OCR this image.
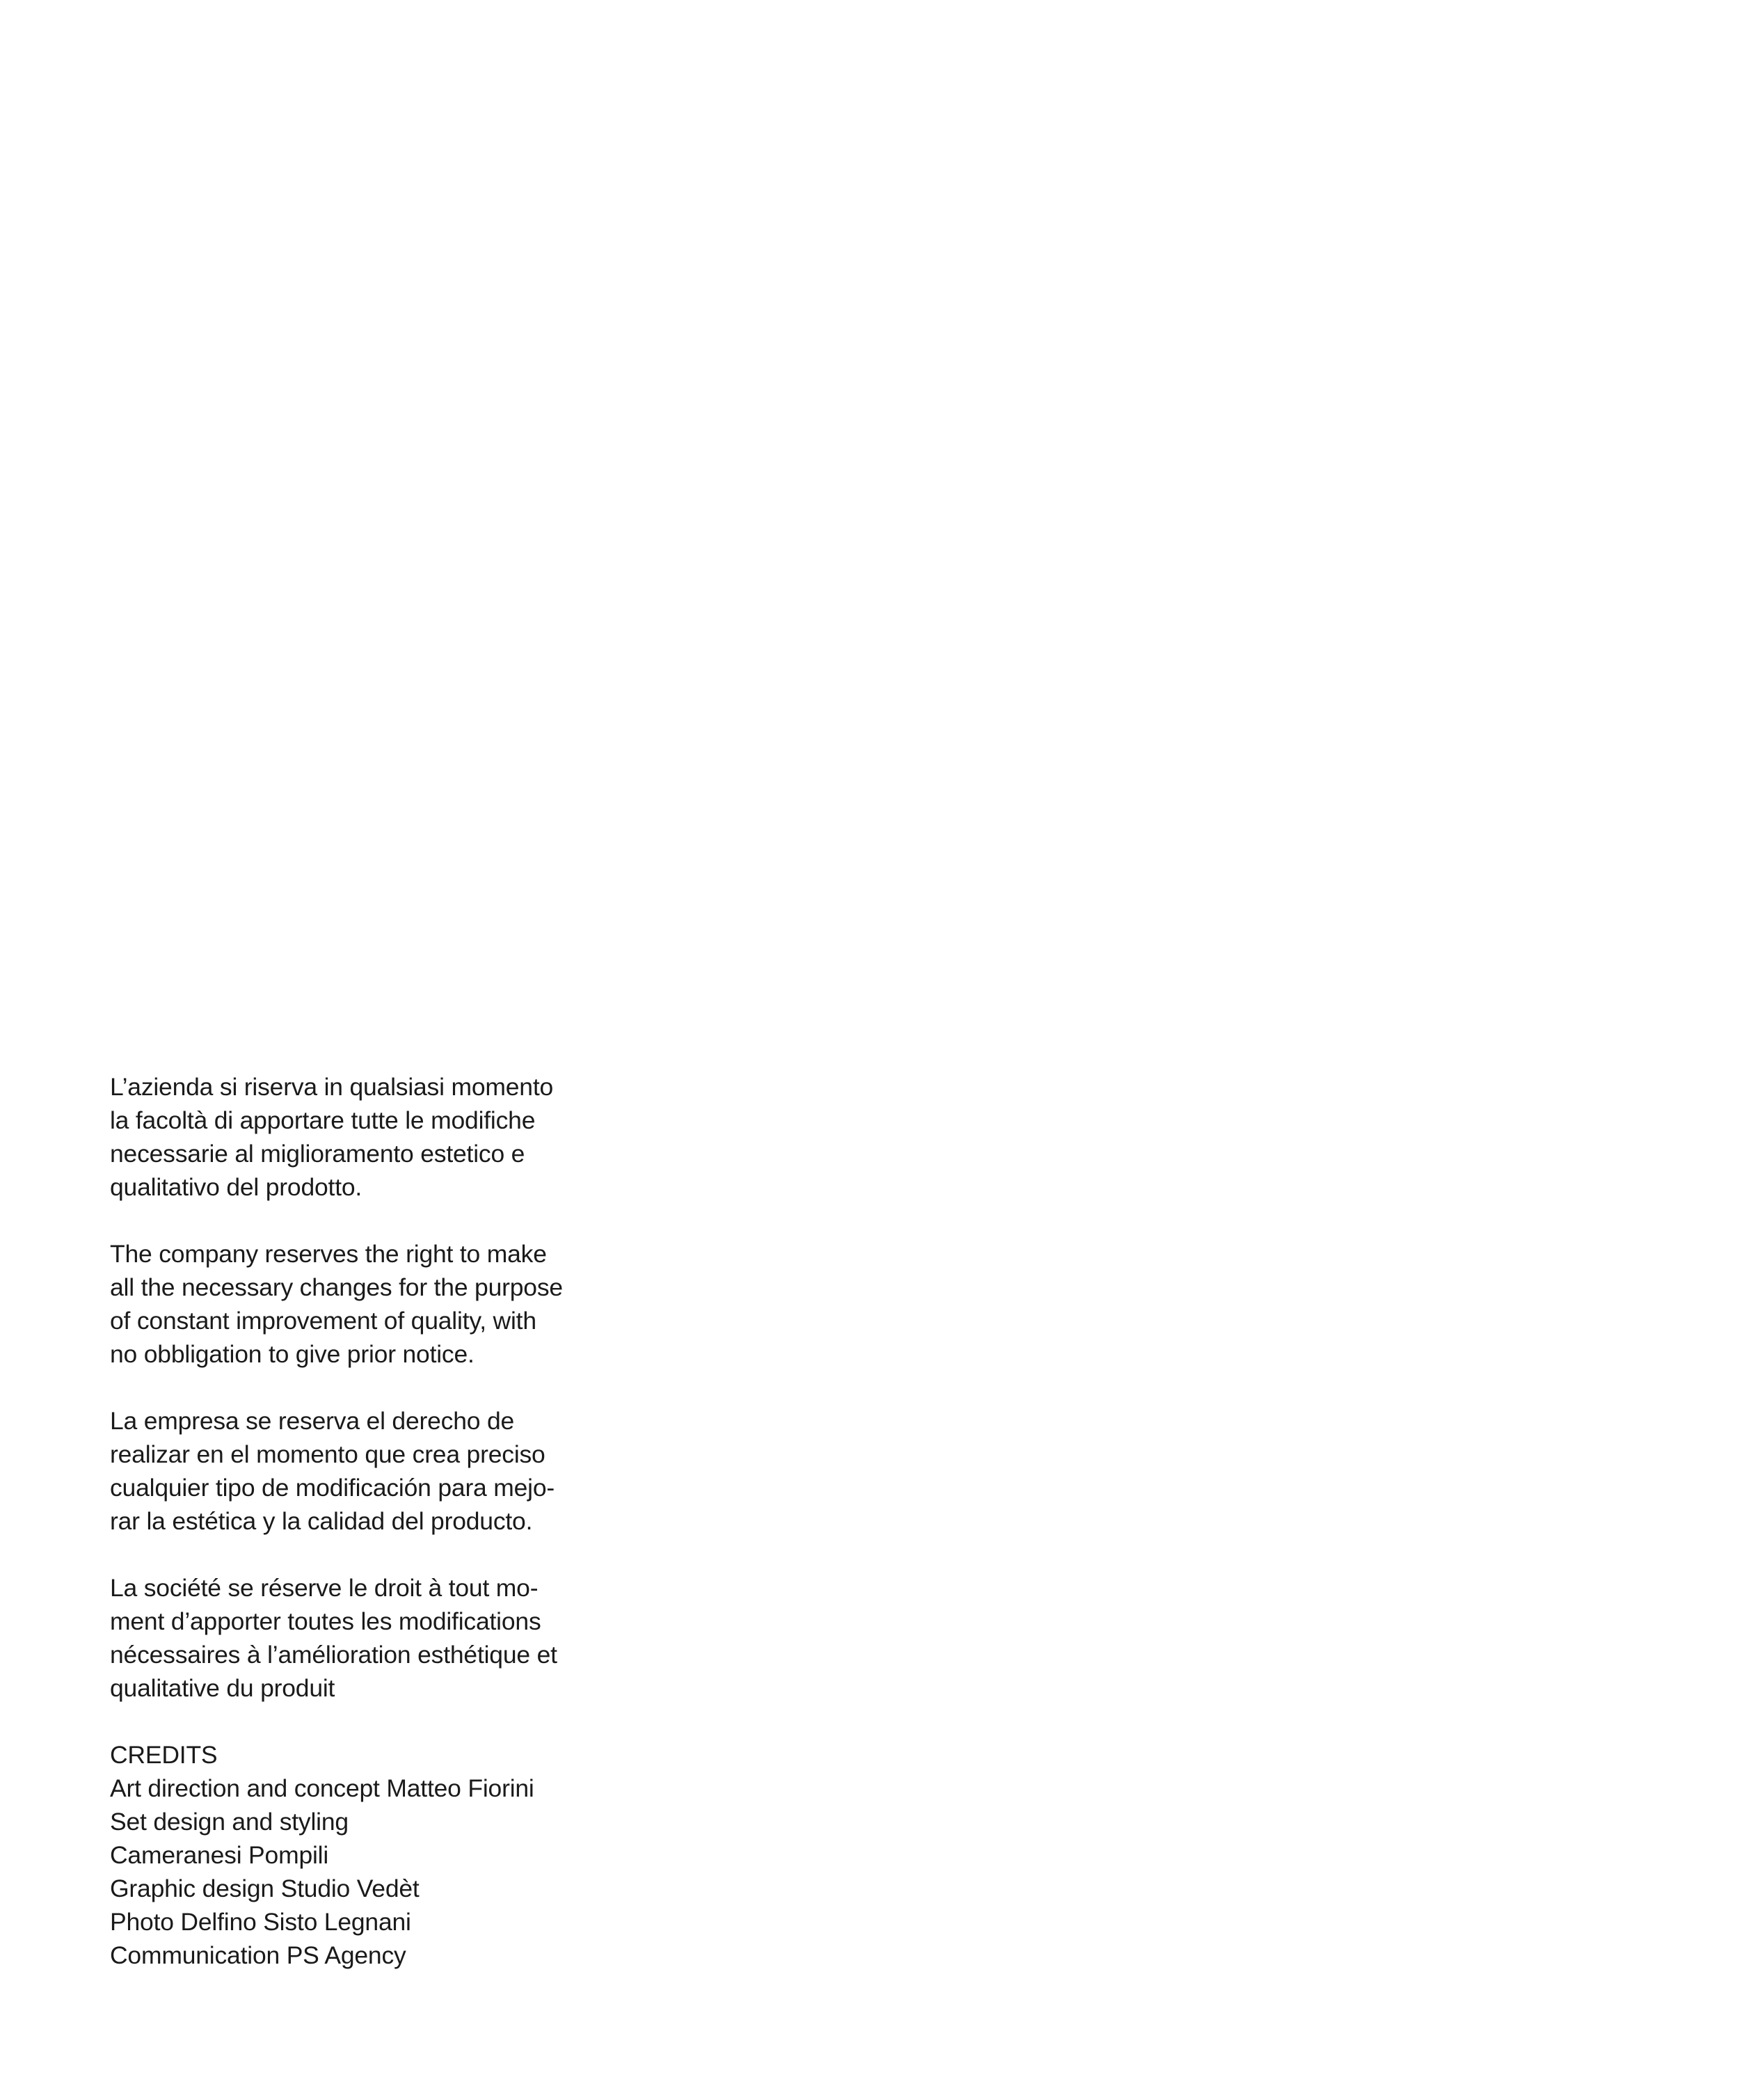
L’azienda si riserva in qualsiasi momento
la facoltà di apportare tutte le modifiche
necessarie al miglioramento estetico e
qualitativo del prodotto.

The company reserves the right to make
all the necessary changes for the purpose
of constant improvement of quality, with
no obbligation to give prior notice.

La empresa se reserva el derecho de
realizar en el momento que crea preciso
cualquier tipo de modificación para mejo-
rar la estética y la calidad del producto.

La société se réserve le droit à tout mo-
ment d’apporter toutes les modifications
nécessaires à l’amélioration esthétique et
qualitative du produit

CREDITS
Art direction and concept Matteo Fiorini
Set design and styling
Cameranesi Pompili
Graphic design Studio Vedèt
Photo Delfino Sisto Legnani
Communication PS Agency
